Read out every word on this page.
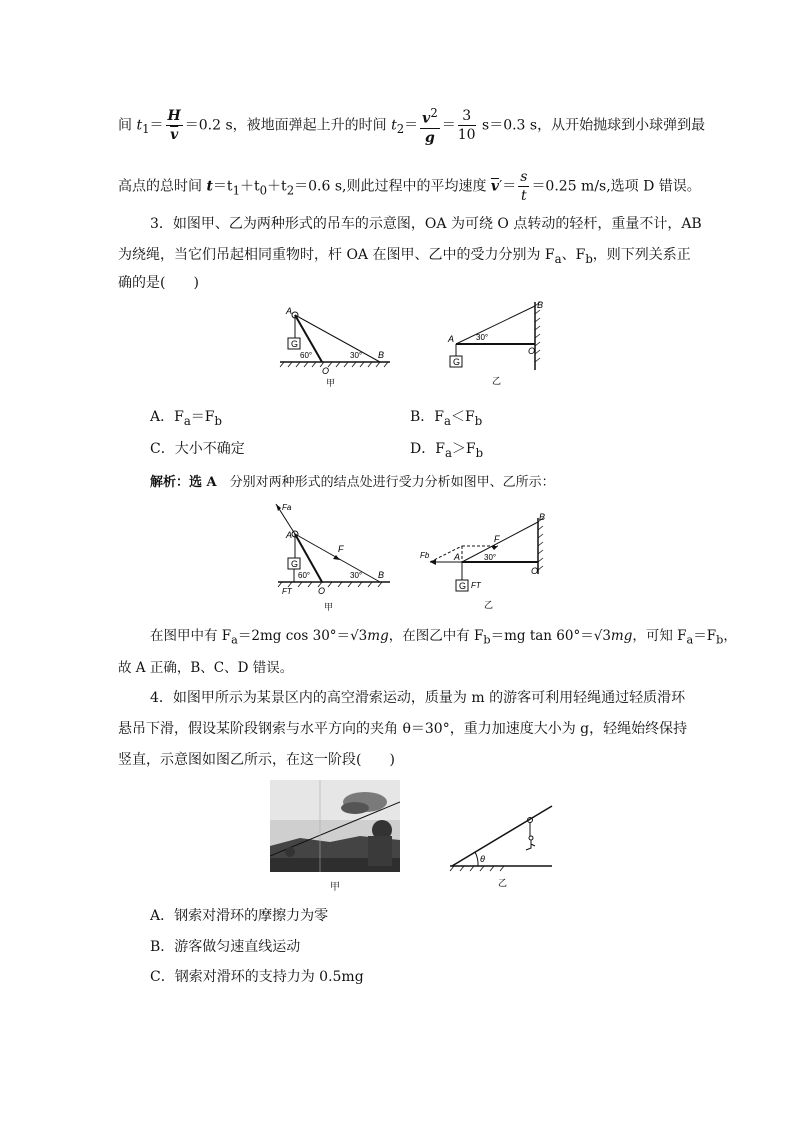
间 $t_1= \frac{H}{v} =0.2$ s，被地面弹起上升的时间 $t_2= \frac{v^2}{g} = \frac{3}{10} s=0.3$ s，从开始抛球到小球弹到最
高点的总时间 $t=t_1+t_0+t_2=0.6$ s,则此过程中的平均速度 $\overline{v}'= \frac{s}{t} =0.25$ m/s,选项 D 错误。
3．如图甲、乙为两种形式的吊车的示意图，OA 为可绕 O 点转动的轻杆，重量不计，AB
为绕绳，当它们吊起相同重物时，杆 OA 在图甲、乙中的受力分别为 $F_a$、$F_b$，则下列关系正
确的是(　　)
G
A
B
O
60°	30°
甲
G
A
B
O
30°
乙
A．$F_a=F_b$	B．$F_a<F_b$
C．大小不确定	D．$F_a>F_b$
解析：选 A　分别对两种形式的结点处进行受力分析如图甲、乙所示：
G
Fa
A
F
B
O
FT
60°	30°
甲
G
Fb	A
F
30°
B
O
FT
乙
在图甲中有 $F_a=2mg$ cos 30°＝√3mg，在图乙中有 $F_b=mg$ tan 60°＝√3mg，可知 $F_a=F_b$，
故 A 正确，B、C、D 错误。
4．如图甲所示为某景区内的高空滑索运动，质量为 m 的游客可利用轻绳通过轻质滑环
悬吊下滑，假设某阶段钢索与水平方向的夹角 θ＝30°，重力加速度大小为 g，轻绳始终保持
竖直，示意图如图乙所示，在这一阶段(　　)
甲
θ
乙
A．钢索对滑环的摩擦力为零
B．游客做匀速直线运动
C．钢索对滑环的支持力为 0.5mg
